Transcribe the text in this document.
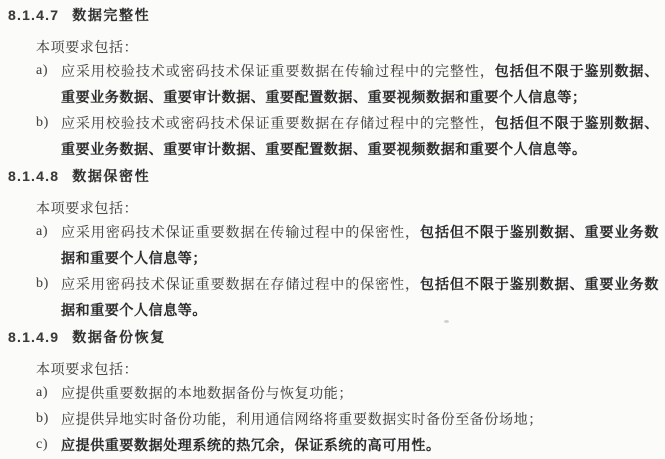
8.1.4.7 数据完整性
本项要求包括：
a) 应采用校验技术或密码技术保证重要数据在传输过程中的完整性，包括但不限于鉴别数据、重要业务数据、重要审计数据、重要配置数据、重要视频数据和重要个人信息等；
b) 应采用校验技术或密码技术保证重要数据在存储过程中的完整性，包括但不限于鉴别数据、重要业务数据、重要审计数据、重要配置数据、重要视频数据和重要个人信息等。
8.1.4.8 数据保密性
本项要求包括：
a) 应采用密码技术保证重要数据在传输过程中的保密性，包括但不限于鉴别数据、重要业务数据和重要个人信息等；
b) 应采用密码技术保证重要数据在存储过程中的保密性，包括但不限于鉴别数据、重要业务数据和重要个人信息等。
8.1.4.9 数据备份恢复
本项要求包括：
a) 应提供重要数据的本地数据备份与恢复功能；
b) 应提供异地实时备份功能，利用通信网络将重要数据实时备份至备份场地；
c) 应提供重要数据处理系统的热冗余，保证系统的高可用性。
